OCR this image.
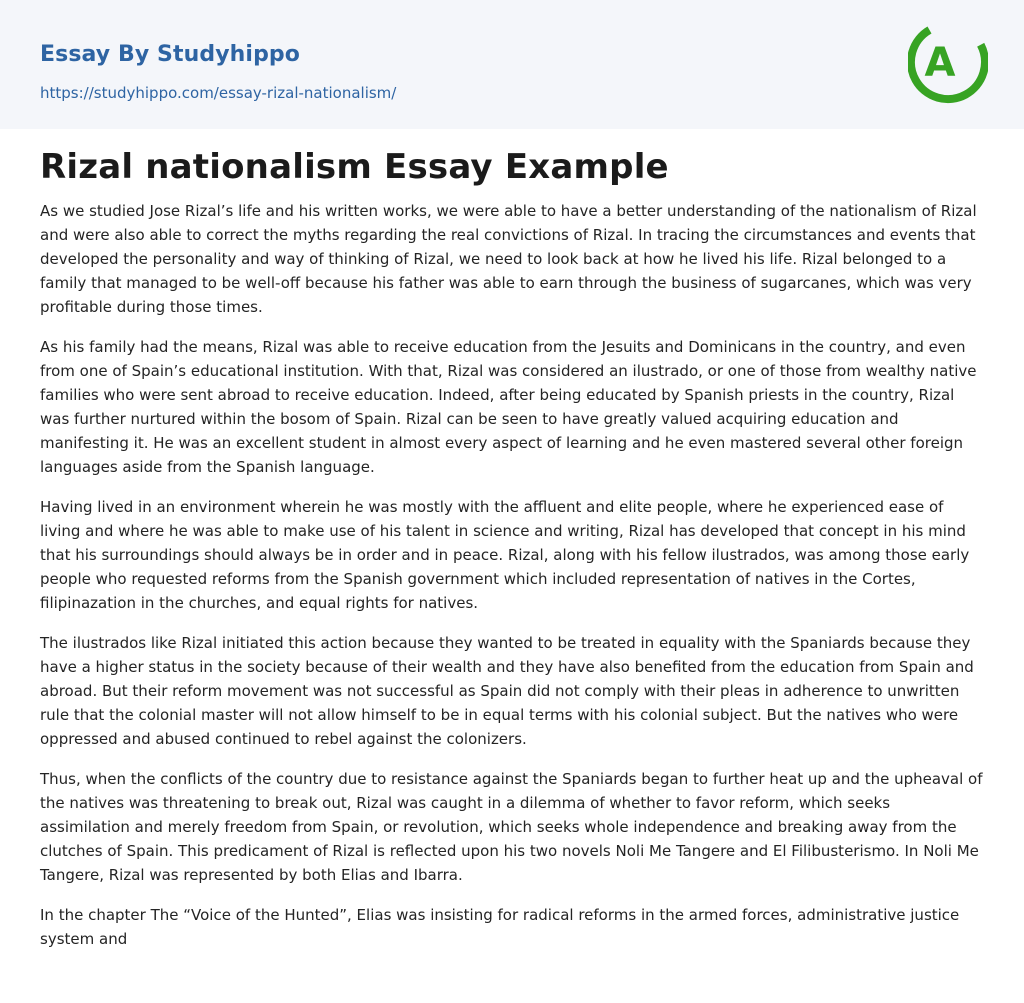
Essay By Studyhippo
https://studyhippo.com/essay-rizal-nationalism/
A
Rizal nationalism Essay Example

As we studied Jose Rizal’s life and his written works, we were able to have a better understanding of the nationalism of Rizal and were also able to correct the myths regarding the real convictions of Rizal. In tracing the circumstances and events that developed the personality and way of thinking of Rizal, we need to look back at how he lived his life. Rizal belonged to a family that managed to be well-off because his father was able to earn through the business of sugarcanes, which was very profitable during those times.

As his family had the means, Rizal was able to receive education from the Jesuits and Dominicans in the country, and even from one of Spain’s educational institution. With that, Rizal was considered an ilustrado, or one of those from wealthy native families who were sent abroad to receive education. Indeed, after being educated by Spanish priests in the country, Rizal was further nurtured within the bosom of Spain. Rizal can be seen to have greatly valued acquiring education and manifesting it. He was an excellent student in almost every aspect of learning and he even mastered several other foreign languages aside from the Spanish language.

Having lived in an environment wherein he was mostly with the affluent and elite people, where he experienced ease of living and where he was able to make use of his talent in science and writing, Rizal has developed that concept in his mind that his surroundings should always be in order and in peace. Rizal, along with his fellow ilustrados, was among those early people who requested reforms from the Spanish government which included representation of natives in the Cortes, filipinazation in the churches, and equal rights for natives.

The ilustrados like Rizal initiated this action because they wanted to be treated in equality with the Spaniards because they have a higher status in the society because of their wealth and they have also benefited from the education from Spain and abroad. But their reform movement was not successful as Spain did not comply with their pleas in adherence to unwritten rule that the colonial master will not allow himself to be in equal terms with his colonial subject. But the natives who were oppressed and abused continued to rebel against the colonizers.

Thus, when the conflicts of the country due to resistance against the Spaniards began to further heat up and the upheaval of the natives was threatening to break out, Rizal was caught in a dilemma of whether to favor reform, which seeks assimilation and merely freedom from Spain, or revolution, which seeks whole independence and breaking away from the clutches of Spain. This predicament of Rizal is reflected upon his two novels Noli Me Tangere and El Filibusterismo. In Noli Me Tangere, Rizal was represented by both Elias and Ibarra.

In the chapter The “Voice of the Hunted”, Elias was insisting for radical reforms in the armed forces, administrative justice system and
